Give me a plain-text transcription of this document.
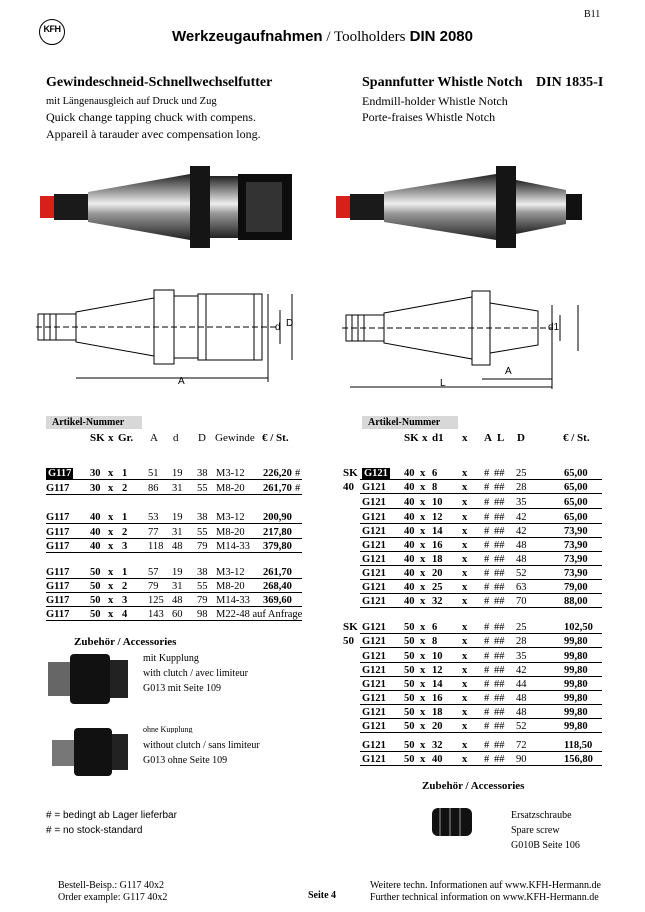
B11
KFH	Werkzeugaufnahmen / Toolholders DIN 2080
Gewindeschneid-Schnellwechselfutter
mit Längenausgleich auf Druck und Zug
Quick change tapping chuck with compens.
Appareil à tarauder avec compensation long.
Spannfutter Whistle Notch DIN 1835-I
Endmill-holder Whistle Notch
Porte-fraises Whistle Notch
A
d D
A
L
d1
Artikel-Nummer
SK x Gr. A d D Gewinde € / St.
G117 30 x 1 51 19 38 M3-12 226,20 #
G117 30 x 2 86 31 55 M8-20 261,70 #
G117 40 x 1 53 19 38 M3-12 200,90
G117 40 x 2 77 31 55 M8-20 217,80
G117 40 x 3 118 48 79 M14-33 379,80
G117 50 x 1 57 19 38 M3-12 261,70
G117 50 x 2 79 31 55 M8-20 268,40
G117 50 x 3 125 48 79 M14-33 369,60
G117 50 x 4 143 60 98 M22-48 auf Anfrage
Zubehör / Accessories
mit Kupplung
with clutch / avec limiteur
G013 mit Seite 109
ohne Kupplung
without clutch / sans limiteur
G013 ohne Seite 109
# = bedingt ab Lager lieferbar
# = no stock-standard
Artikel-Nummer
SK x d1 x A L D	€ / St.
SK
40
SK
50
G121 40 x 6 x # ## 25	65,00
G121 40 x 8 x # ## 28	65,00
G121 40 x 10 x # ## 35	65,00
G121 40 x 12 x # ## 42	65,00
G121 40 x 14 x # ## 42	73,90
G121 40 x 16 x # ## 48	73,90
G121 40 x 18 x # ## 48	73,90
G121 40 x 20 x # ## 52	73,90
G121 40 x 25 x # ## 63	79,00
G121 40 x 32 x # ## 70	88,00
G121 50 x 6 x # ## 25	102,50
G121 50 x 8 x # ## 28	99,80
G121 50 x 10 x # ## 35	99,80
G121 50 x 12 x # ## 42	99,80
G121 50 x 14 x # ## 44	99,80
G121 50 x 16 x # ## 48	99,80
G121 50 x 18 x # ## 48	99,80
G121 50 x 20 x # ## 52	99,80
G121 50 x 32 x # ## 72	118,50
G121 50 x 40 x # ## 90	156,80
Zubehör / Accessories
Ersatzschraube
Spare screw
G010B Seite 106
Bestell-Beisp.: G117 40x2
Order example: G117 40x2	Seite 4
Weitere techn. Informationen auf www.KFH-Hermann.de
Further technical information on www.KFH-Hermann.de
